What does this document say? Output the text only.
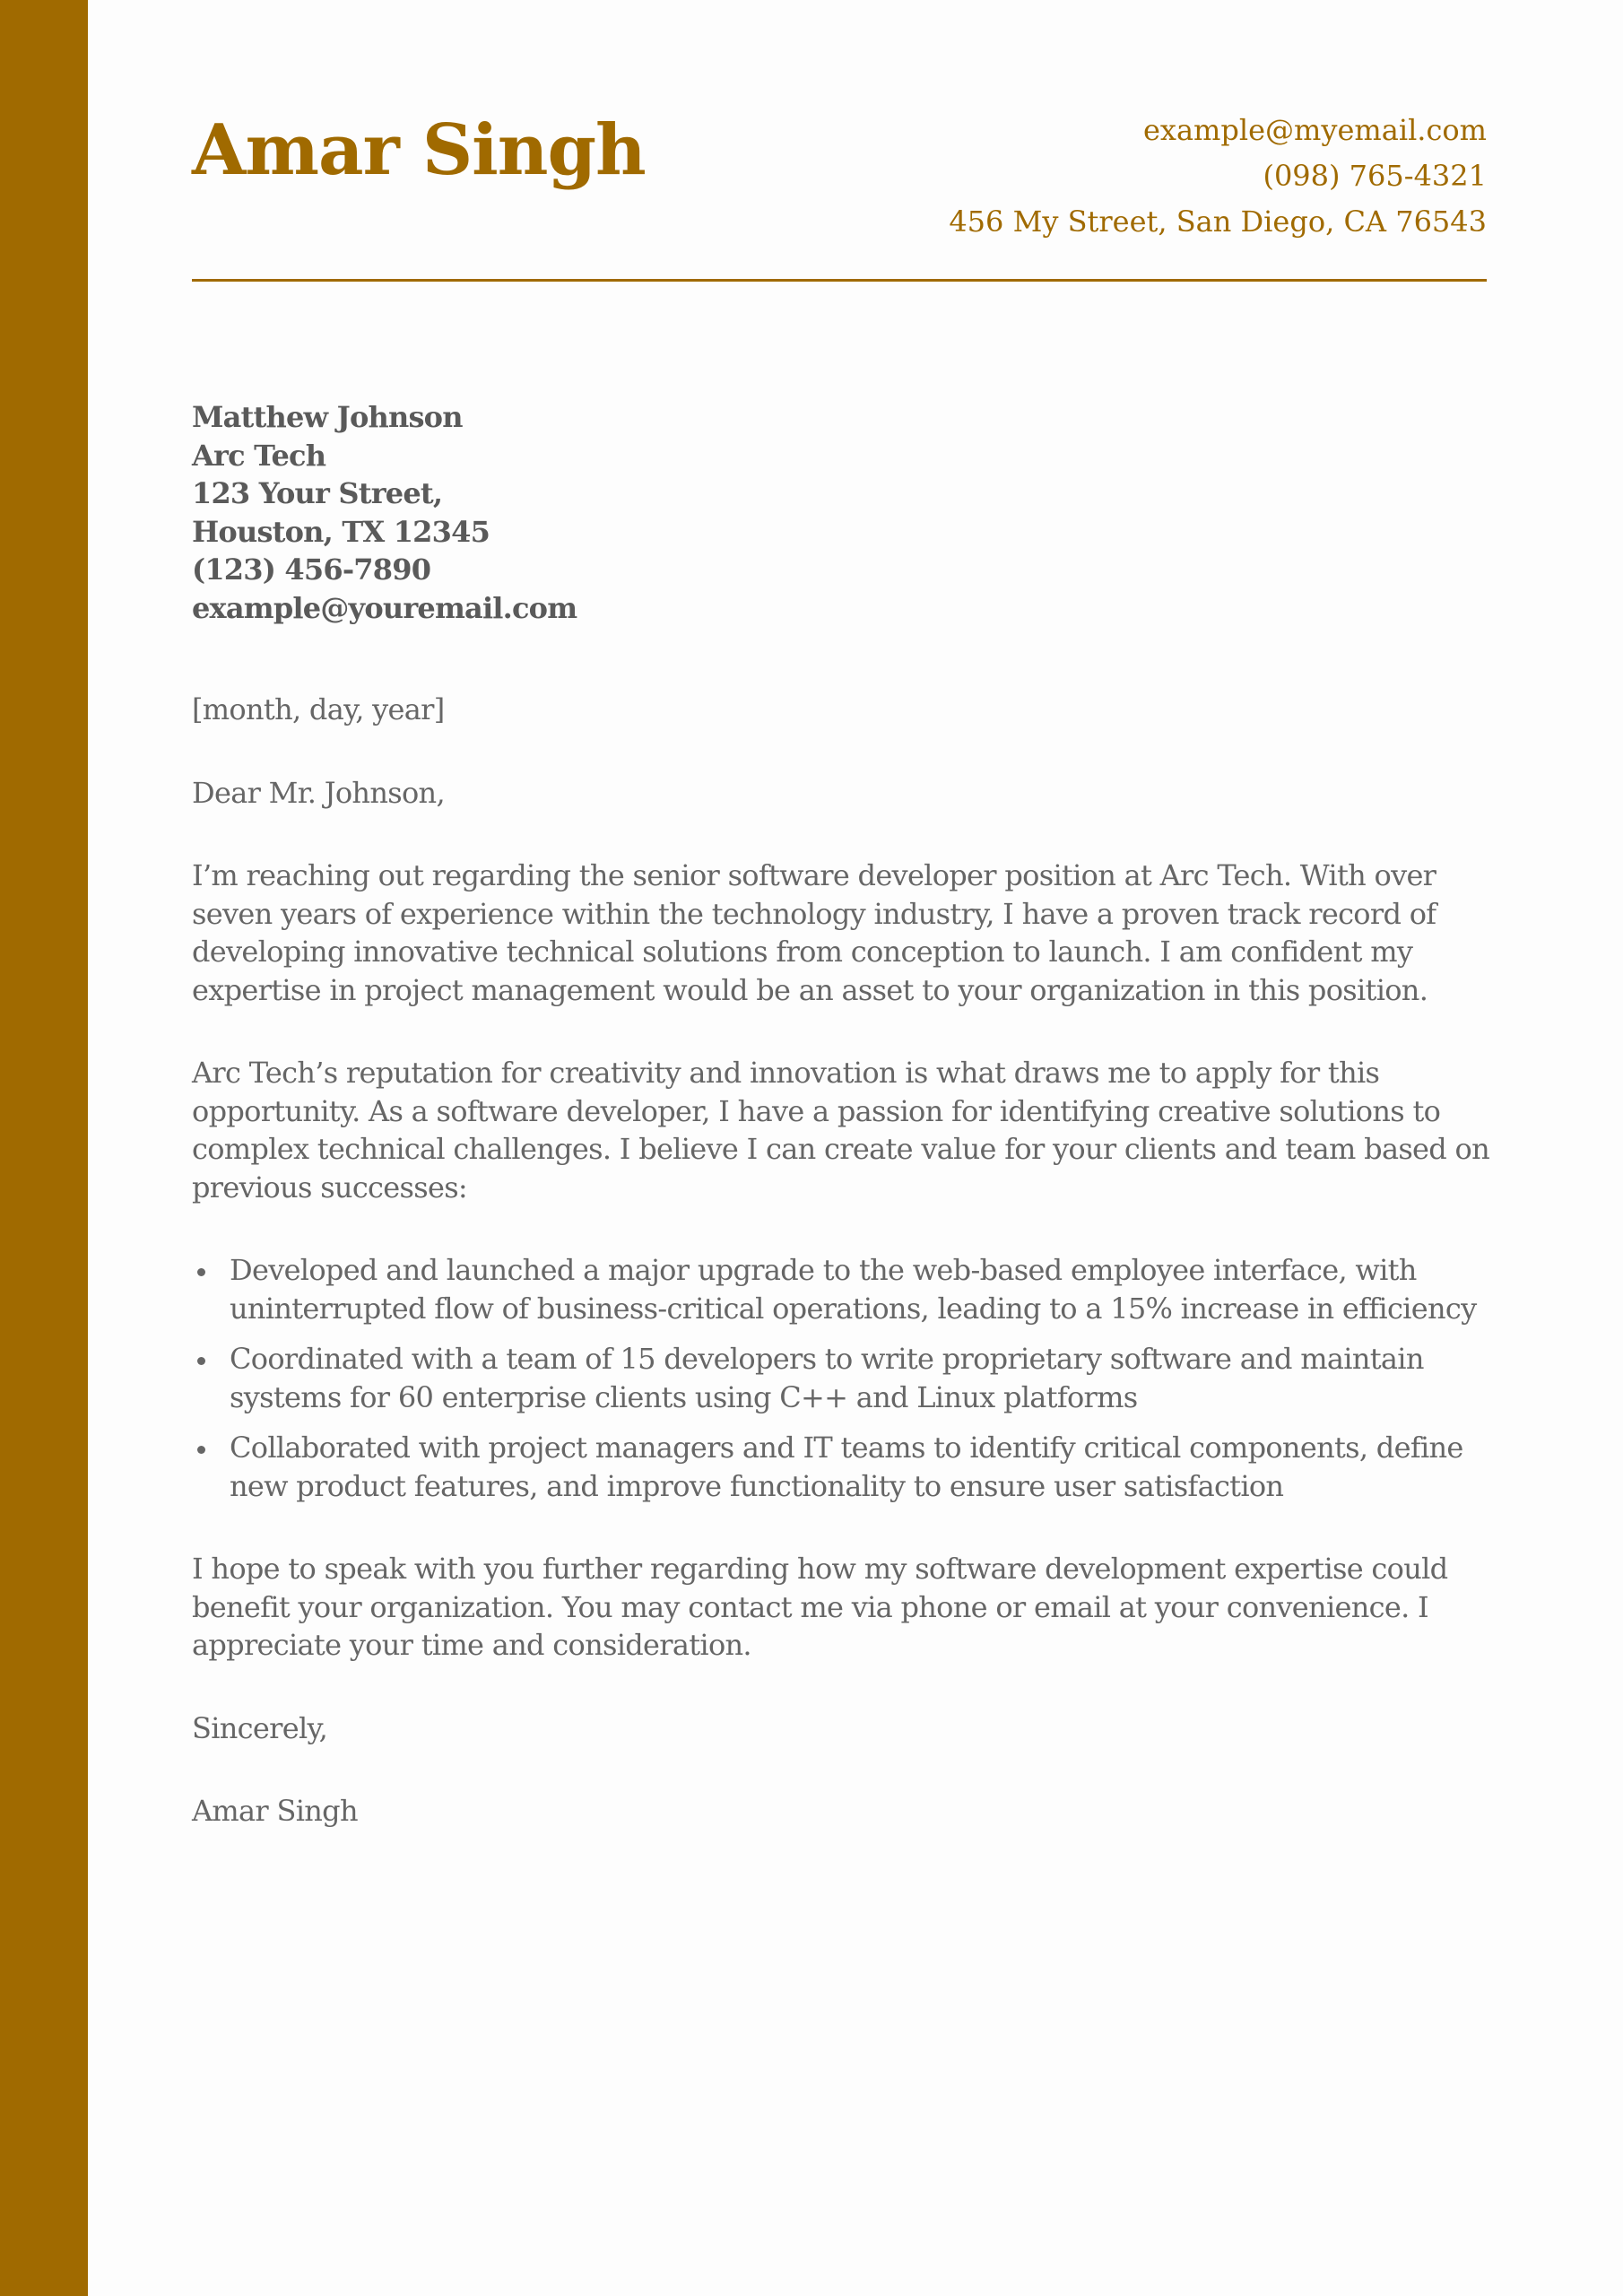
Amar Singh	example@myemail.com
(098) 765-4321
456 My Street, San Diego, CA 76543
Matthew Johnson
Arc Tech
123 Your Street,
Houston, TX 12345
(123) 456-7890
example@youremail.com

[month, day, year]

Dear Mr. Johnson,

I’m reaching out regarding the senior software developer position at Arc Tech. With over seven years of experience within the technology industry, I have a proven track record of developing innovative technical solutions from conception to launch. I am confident my expertise in project management would be an asset to your organization in this position.

Arc Tech’s reputation for creativity and innovation is what draws me to apply for this opportunity. As a software developer, I have a passion for identifying creative solutions to complex technical challenges. I believe I can create value for your clients and team based on previous successes:

Developed and launched a major upgrade to the web-based employee interface, with uninterrupted flow of business-critical operations, leading to a 15% increase in efficiency
Coordinated with a team of 15 developers to write proprietary software and maintain systems for 60 enterprise clients using C++ and Linux platforms
Collaborated with project managers and IT teams to identify critical components, define new product features, and improve functionality to ensure user satisfaction

I hope to speak with you further regarding how my software development expertise could benefit your organization. You may contact me via phone or email at your convenience. I appreciate your time and consideration.

Sincerely,

Amar Singh
